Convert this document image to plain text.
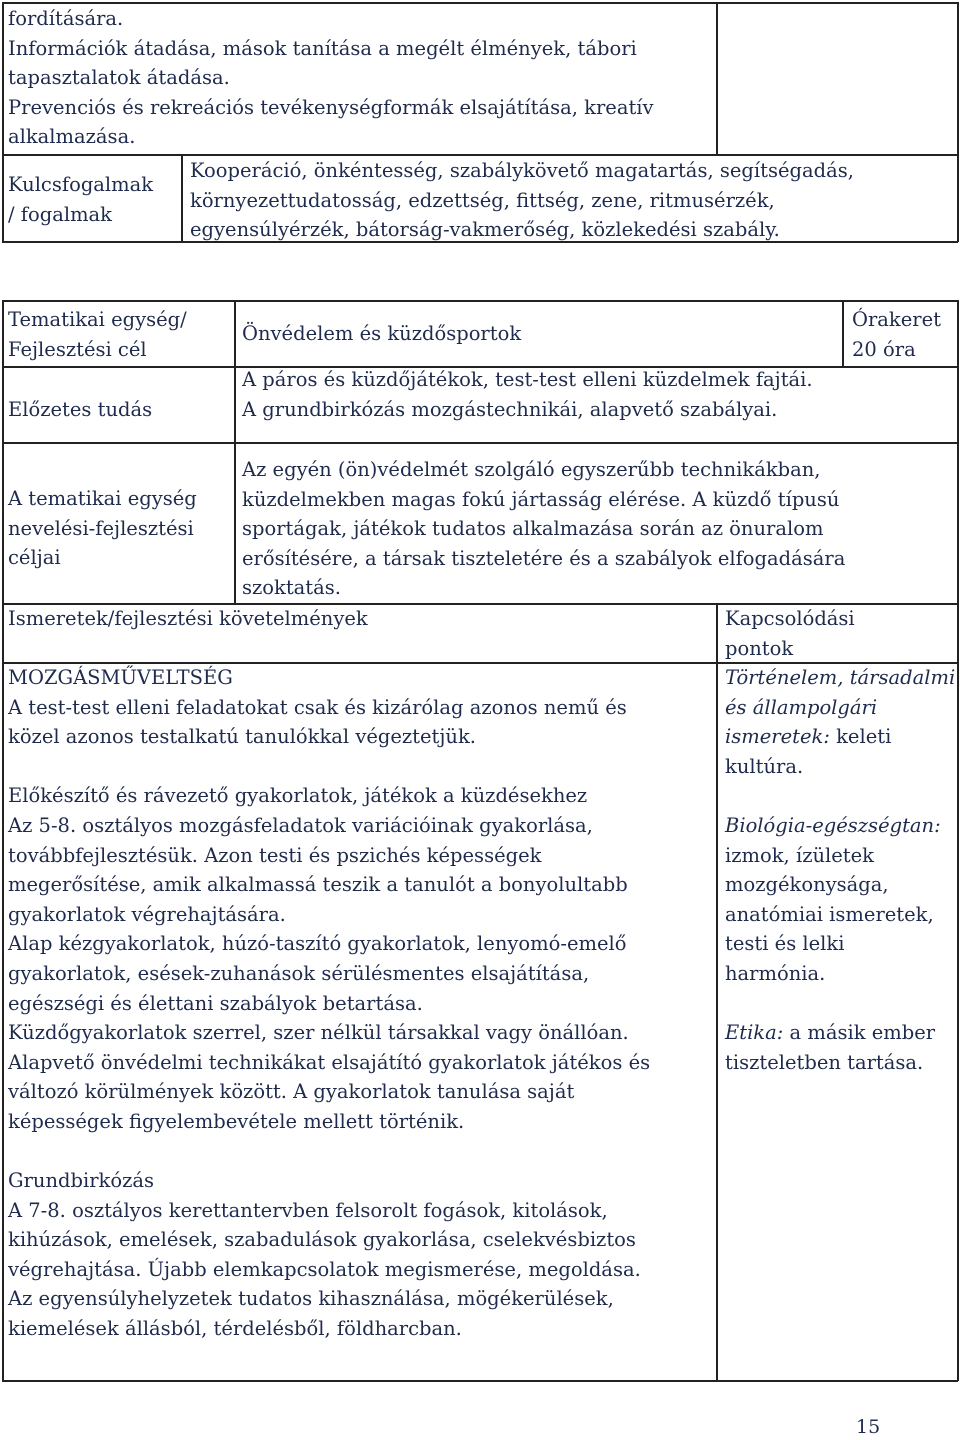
fordítására.
Információk átadása, mások tanítása a megélt élmények, tábori
tapasztalatok átadása.
Prevenciós és rekreációs tevékenységformák elsajátítása, kreatív
alkalmazása.
Kulcsfogalmak
/ fogalmak
Kooperáció, önkéntesség, szabálykövető magatartás, segítségadás,
környezettudatosság, edzettség, fittség, zene, ritmusérzék,
egyensúlyérzék, bátorság-vakmerőség, közlekedési szabály.
Tematikai egység/
Fejlesztési cél
Önvédelem és küzdősportok
Órakeret
20 óra
Előzetes tudás
A páros és küzdőjátékok, test-test elleni küzdelmek fajtái.
A grundbirkózás mozgástechnikái, alapvető szabályai.
A tematikai egység
nevelési-fejlesztési
céljai
Az egyén (ön)védelmét szolgáló egyszerűbb technikákban,
küzdelmekben magas fokú jártasság elérése. A küzdő típusú
sportágak, játékok tudatos alkalmazása során az önuralom
erősítésére, a társak tiszteletére és a szabályok elfogadására
szoktatás.
Ismeretek/fejlesztési követelmények	Kapcsolódási
pontok
MOZGÁSMŰVELTSÉG
A test-test elleni feladatokat csak és kizárólag azonos nemű és
közel azonos testalkatú tanulókkal végeztetjük.
Előkészítő és rávezető gyakorlatok, játékok a küzdésekhez
Az 5-8. osztályos mozgásfeladatok variációinak gyakorlása,
továbbfejlesztésük. Azon testi és pszichés képességek
megerősítése, amik alkalmassá teszik a tanulót a bonyolultabb
gyakorlatok végrehajtására.
Alap kézgyakorlatok, húzó-taszító gyakorlatok, lenyomó-emelő
gyakorlatok, esések-zuhanások sérülésmentes elsajátítása,
egészségi és élettani szabályok betartása.
Küzdőgyakorlatok szerrel, szer nélkül társakkal vagy önállóan.
Alapvető önvédelmi technikákat elsajátító gyakorlatok játékos és
változó körülmények között. A gyakorlatok tanulása saját
képességek figyelembevétele mellett történik.
Grundbirkózás
A 7-8. osztályos kerettantervben felsorolt fogások, kitolások,
kihúzások, emelések, szabadulások gyakorlása, cselekvésbiztos
végrehajtása. Újabb elemkapcsolatok megismerése, megoldása.
Az egyensúlyhelyzetek tudatos kihasználása, mögékerülések,
kiemelések állásból, térdelésből, földharcban.
Történelem, társadalmi
és állampolgári
ismeretek: keleti
kultúra.
Biológia-egészségtan:
izmok, ízületek
mozgékonysága,
anatómiai ismeretek,
testi és lelki
harmónia.
Etika: a másik ember
tiszteletben tartása.
15
